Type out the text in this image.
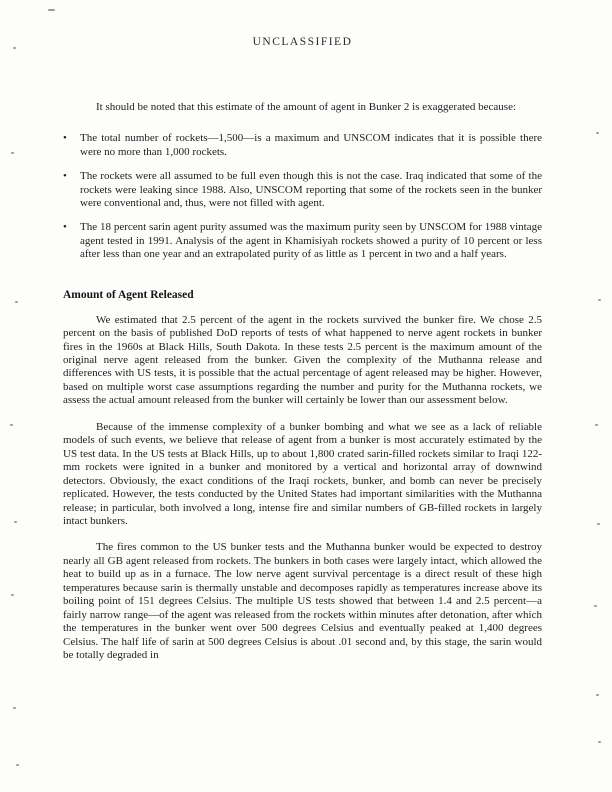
UNCLASSIFIED

It should be noted that this estimate of the amount of agent in Bunker 2 is exaggerated because:

• The total number of rockets—1,500—is a maximum and UNSCOM indicates that it is possible there were no more than 1,000 rockets.
• The rockets were all assumed to be full even though this is not the case. Iraq indicated that some of the rockets were leaking since 1988. Also, UNSCOM reporting that some of the rockets seen in the bunker were conventional and, thus, were not filled with agent.
• The 18 percent sarin agent purity assumed was the maximum purity seen by UNSCOM for 1988 vintage agent tested in 1991. Analysis of the agent in Khamisiyah rockets showed a purity of 10 percent or less after less than one year and an extrapolated purity of as little as 1 percent in two and a half years.
Amount of Agent Released

We estimated that 2.5 percent of the agent in the rockets survived the bunker fire. We chose 2.5 percent on the basis of published DoD reports of tests of what happened to nerve agent rockets in bunker fires in the 1960s at Black Hills, South Dakota. In these tests 2.5 percent is the maximum amount of the original nerve agent released from the bunker. Given the complexity of the Muthanna release and differences with US tests, it is possible that the actual percentage of agent released may be higher. However, based on multiple worst case assumptions regarding the number and purity for the Muthanna rockets, we assess the actual amount released from the bunker will certainly be lower than our assessment below.

Because of the immense complexity of a bunker bombing and what we see as a lack of reliable models of such events, we believe that release of agent from a bunker is most accurately estimated by the US test data. In the US tests at Black Hills, up to about 1,800 crated sarin-filled rockets similar to Iraqi 122-mm rockets were ignited in a bunker and monitored by a vertical and horizontal array of downwind detectors. Obviously, the exact conditions of the Iraqi rockets, bunker, and bomb can never be precisely replicated. However, the tests conducted by the United States had important similarities with the Muthanna release; in particular, both involved a long, intense fire and similar numbers of GB-filled rockets in largely intact bunkers.

The fires common to the US bunker tests and the Muthanna bunker would be expected to destroy nearly all GB agent released from rockets. The bunkers in both cases were largely intact, which allowed the heat to build up as in a furnace. The low nerve agent survival percentage is a direct result of these high temperatures because sarin is thermally unstable and decomposes rapidly as temperatures increase above its boiling point of 151 degrees Celsius. The multiple US tests showed that between 1.4 and 2.5 percent—a fairly narrow range—of the agent was released from the rockets within minutes after detonation, after which the temperatures in the bunker went over 500 degrees Celsius and eventually peaked at 1,400 degrees Celsius. The half life of sarin at 500 degrees Celsius is about .01 second and, by this stage, the sarin would be totally degraded in
